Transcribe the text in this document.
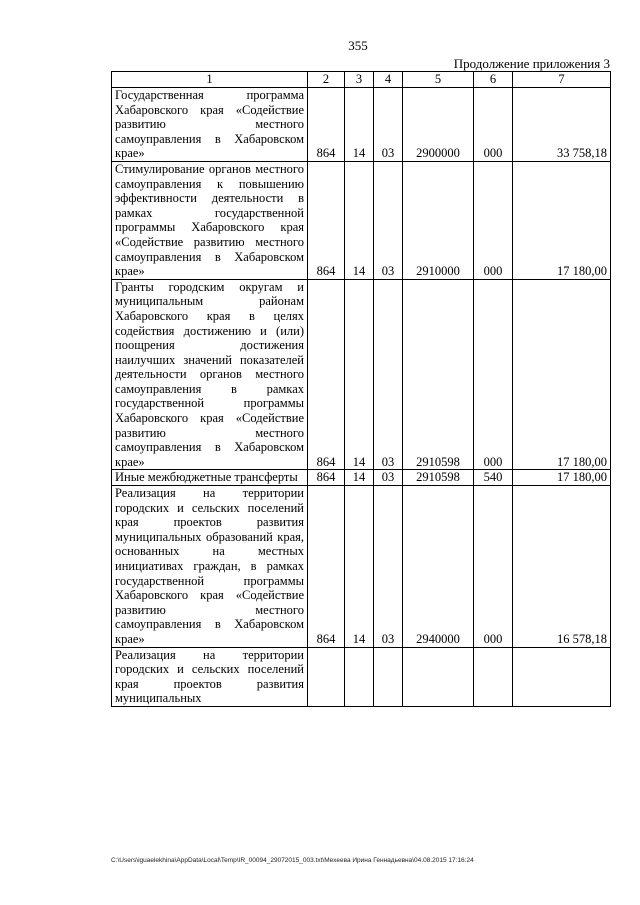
355
Продолжение приложения 3
1	2	3	4	5	6	7
Государственная программа Хабаровского края «Содействие развитию местного самоуправления в Хабаровском крае»	864	14	03	2900000	000	33 758,18
Стимулирование органов местного самоуправления к повышению эффективности деятельности в рамках государственной программы Хабаровского края «Содействие развитию местного самоуправления в Хабаровском крае»	864	14	03	2910000	000	17 180,00
Гранты городским округам и муниципальным районам Хабаровского края в целях содействия достижению и (или) поощрения достижения наилучших значений показателей деятельности органов местного самоуправления в рамках государственной программы Хабаровского края «Содействие развитию местного самоуправления в Хабаровском крае»	864	14	03	2910598	000	17 180,00
Иные межбюджетные трансферты	864	14	03	2910598	540	17 180,00
Реализация на территории городских и сельских поселений края проектов развития муниципальных образований края, основанных на местных инициативах граждан, в рамках государственной программы Хабаровского края «Содействие развитию местного самоуправления в Хабаровском крае»	864	14	03	2940000	000	16 578,18
Реализация на территории городских и сельских поселений края проектов развития муниципальных						
C:\Users\iguaelekhina\AppData\Local\Temp\IR_00094_29072015_003.txt\Мехеева Ирина Геннадьевна\04.08.2015 17:16:24
